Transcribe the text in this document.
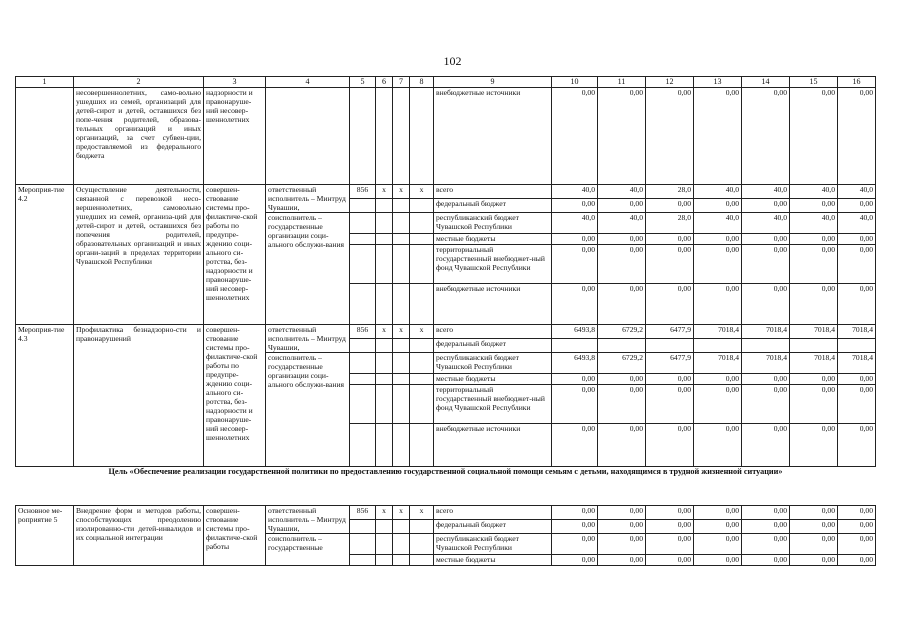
102
1	2	3	4	5	6	7	8	9	10	11	12	13	14	15	16
	несовершеннолетних, само-вольно ушедших из семей, организаций для детей-сирот и детей, оставшихся без попе-чения родителей, образова-тельных организаций и иных организаций, за счет субвен-ции, предоставляемой из федерального бюджета	надзорности и правонаруше-ний несовер-шеннолетних						внебюджетные источники	0,00	0,00	0,00	0,00	0,00	0,00	0,00
Мероприя-тие 4.2	Осуществление деятельности, связанной с перевозкой несо-вершеннолетних, самовольно ушедших из семей, организа-ций для детей-сирот и детей, оставшихся без попечения родителей, образовательных организаций и иных органи-заций в пределах территории Чувашской Республики	совершен-ствование системы про-филактиче-ской работы по предупре-ждению соци-ального си-ротства, без-надзорности и правонаруше-ний несовер-шеннолетних	ответственный исполнитель – Минтруд Чувашии,	856	x	x	x	всего	40,0	40,0	28,0	40,0	40,0	40,0	40,0
								федеральный бюджет	0,00	0,00	0,00	0,00	0,00	0,00	0,00
			соисполнитель – государственные организации соци-ального обслужи-вания					республиканский бюджет Чувашской Республики	40,0	40,0	28,0	40,0	40,0	40,0	40,0
								местные бюджеты	0,00	0,00	0,00	0,00	0,00	0,00	0,00
								территориальный государственный внебюджет-ный фонд Чувашской Республики	0,00	0,00	0,00	0,00	0,00	0,00	0,00
								внебюджетные источники	0,00	0,00	0,00	0,00	0,00	0,00	0,00
Мероприя-тие 4.3	Профилактика безнадзорно-сти и правонарушений	совершен-ствование системы про-филактиче-ской работы по предупре-ждению соци-ального си-ротства, без-надзорности и правонаруше-ний несовер-шеннолетних	ответственный исполнитель – Минтруд Чувашии,	856	x	x	x	всего	6493,8	6729,2	6477,9	7018,4	7018,4	7018,4	7018,4
								федеральный бюджет							
			соисполнитель – государственные организации соци-ального обслужи-вания					республиканский бюджет Чувашской Республики	6493,8	6729,2	6477,9	7018,4	7018,4	7018,4	7018,4
								местные бюджеты	0,00	0,00	0,00	0,00	0,00	0,00	0,00
								территориальный государственный внебюджет-ный фонд Чувашской Республики	0,00	0,00	0,00	0,00	0,00	0,00	0,00
								внебюджетные источники	0,00	0,00	0,00	0,00	0,00	0,00	0,00
Цель «Обеспечение реализации государственной политики по предоставлению государственной социальной помощи семьям с детьми, находящимся в трудной жизненной ситуации»															
Основное ме-роприятие 5	Внедрение форм и методов работы, способствующих преодолению изолированно-сти детей-инвалидов и их социальной интеграции	совершен-ствование системы про-филактиче-ской работы	ответственный исполнитель – Минтруд Чувашии,	856	x	x	x	всего	0,00	0,00	0,00	0,00	0,00	0,00	0,00
								федеральный бюджет	0,00	0,00	0,00	0,00	0,00	0,00	0,00
			соисполнитель – государственные					республиканский бюджет Чувашской Республики	0,00	0,00	0,00	0,00	0,00	0,00	0,00
								местные бюджеты	0,00	0,00	0,00	0,00	0,00	0,00	0,00
